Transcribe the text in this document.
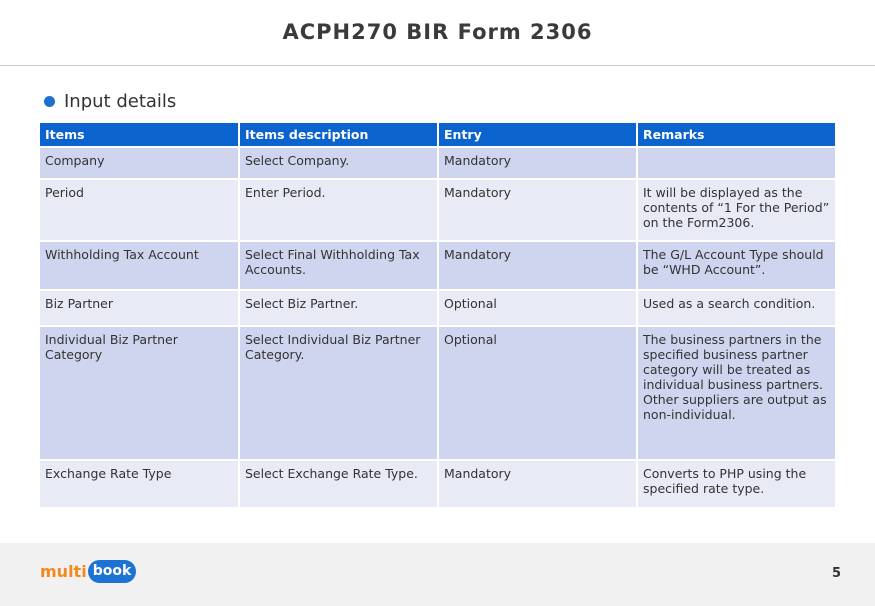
ACPH270 BIR Form 2306
Input details
Items	Items description	Entry	Remarks
Company	Select Company.	Mandatory	
Period	Enter Period.	Mandatory	It will be displayed as the contents of “1 For the Period” on the Form2306.
Withholding Tax Account	Select Final Withholding Tax Accounts.	Mandatory	The G/L Account Type should be “WHD Account”.
Biz Partner	Select Biz Partner.	Optional	Used as a search condition.
Individual Biz Partner Category	Select Individual Biz Partner Category.	Optional	The business partners in the specified business partner category will be treated as individual business partners. Other suppliers are output as non-individual.
Exchange Rate Type	Select Exchange Rate Type.	Mandatory	Converts to PHP using the specified rate type.
multi book	5
